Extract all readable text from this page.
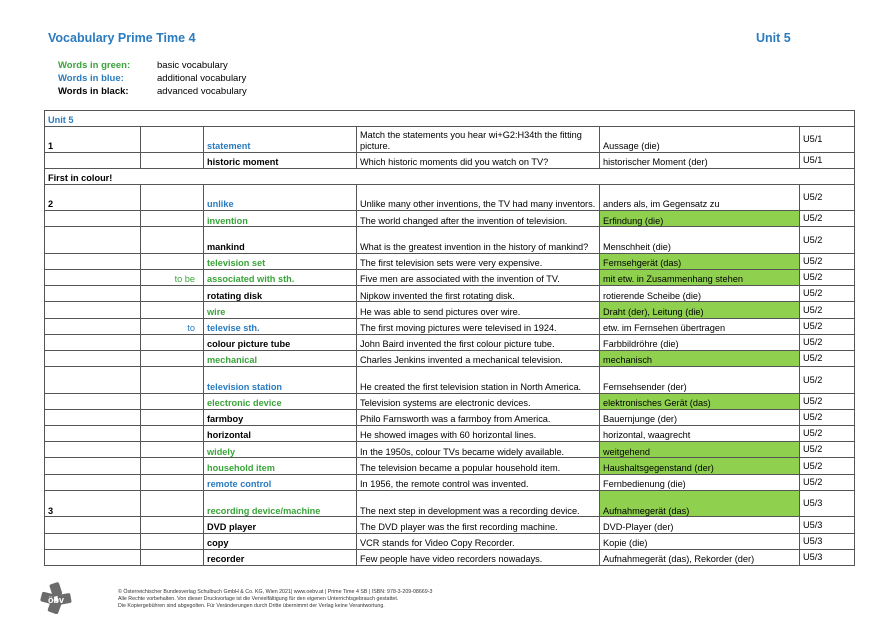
Vocabulary Prime Time 4	Unit 5
Words in green:	basic vocabulary
Words in blue:	additional vocabulary
Words in black:	advanced vocabulary
Unit 5					
1		statement	Match the statements you hear wi+G2:H34th the fitting picture.	Aussage (die)	U5/1
		historic moment	Which historic moments did you watch on TV?	historischer Moment (der)	U5/1
First in colour!					
2		unlike	Unlike many other inventions, the TV had many inventors.	anders als, im Gegensatz zu	U5/2
		invention	The world changed after the invention of television.	Erfindung (die)	U5/2
		mankind	What is the greatest invention in the history of mankind?	Menschheit (die)	U5/2
		television set	The first television sets were very expensive.	Fernsehgerät (das)	U5/2
	to be	associated with sth.	Five men are associated with the invention of TV.	mit etw. in Zusammenhang stehen	U5/2
		rotating disk	Nipkow invented the first rotating disk.	rotierende Scheibe (die)	U5/2
		wire	He was able to send pictures over wire.	Draht (der), Leitung (die)	U5/2
	to	televise sth.	The first moving pictures were televised in 1924.	etw. im Fernsehen übertragen	U5/2
		colour picture tube	John Baird invented the first colour picture tube.	Farbbildröhre (die)	U5/2
		mechanical	Charles Jenkins invented a mechanical television.	mechanisch	U5/2
		television station	He created the first television station in North America.	Fernsehsender (der)	U5/2
		electronic device	Television systems are electronic devices.	elektronisches Gerät (das)	U5/2
		farmboy	Philo Farnsworth was a farmboy from America.	Bauernjunge (der)	U5/2
		horizontal	He showed images with 60 horizontal lines.	horizontal, waagrecht	U5/2
		widely	In the 1950s, colour TVs became widely available.	weitgehend	U5/2
		household item	The television became a popular household item.	Haushaltsgegenstand (der)	U5/2
		remote control	In 1956, the remote control was invented.	Fernbedienung (die)	U5/2
3		recording device/machine	The next step in development was a recording device.	Aufnahmegerät (das)	U5/3
		DVD player	The DVD player was the first recording machine.	DVD-Player (der)	U5/3
		copy	VCR stands for Video Copy Recorder.	Kopie (die)	U5/3
		recorder	Few people have video recorders nowadays.	Aufnahmegerät (das), Rekorder (der)	U5/3
öbv
© Österreichischer Bundesverlag Schulbuch GmbH & Co. KG, Wien 2021| www.oebv.at | Prime Time 4 SB | ISBN: 978-3-209-08669-3
Alle Rechte vorbehalten. Von dieser Druckvorlage ist die Vervielfältigung für den eigenen Unterrichtsgebrauch gestattet.
Die Kopiergebühren sind abgegolten. Für Veränderungen durch Dritte übernimmt der Verlag keine Verantwortung.
